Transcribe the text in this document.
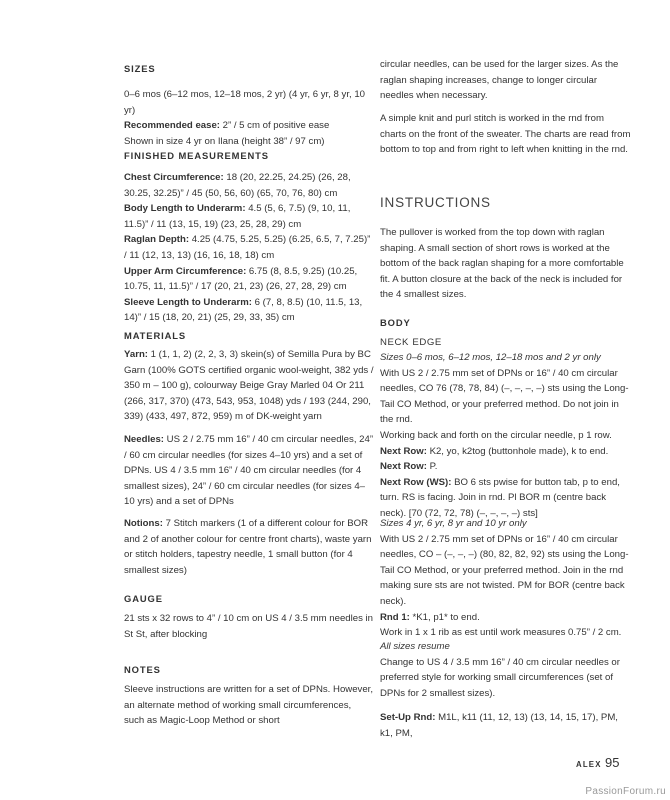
SIZES

0–6 mos (6–12 mos, 12–18 mos, 2 yr) (4 yr, 6 yr, 8 yr, 10 yr)

Recommended ease: 2” / 5 cm of positive ease

Shown in size 4 yr on Ilana (height 38” / 97 cm)

FINISHED MEASUREMENTS

Chest Circumference: 18 (20, 22.25, 24.25) (26, 28, 30.25, 32.25)” / 45 (50, 56, 60) (65, 70, 76, 80) cm

Body Length to Underarm: 4.5 (5, 6, 7.5) (9, 10, 11, 11.5)” / 11 (13, 15, 19) (23, 25, 28, 29) cm

Raglan Depth: 4.25 (4.75, 5.25, 5.25) (6.25, 6.5, 7, 7.25)” / 11 (12, 13, 13) (16, 16, 18, 18) cm

Upper Arm Circumference: 6.75 (8, 8.5, 9.25) (10.25, 10.75, 11, 11.5)” / 17 (20, 21, 23) (26, 27, 28, 29) cm

Sleeve Length to Underarm: 6 (7, 8, 8.5) (10, 11.5, 13, 14)” / 15 (18, 20, 21) (25, 29, 33, 35) cm

MATERIALS

Yarn: 1 (1, 1, 2) (2, 2, 3, 3) skein(s) of Semilla Pura by BC Garn (100% GOTS certified organic wool-weight, 382 yds / 350 m – 100 g), colourway Beige Gray Marled 04 Or 211 (266, 317, 370) (473, 543, 953, 1048) yds / 193 (244, 290, 339) (433, 497, 872, 959) m of DK-weight yarn

Needles: US 2 / 2.75 mm 16” / 40 cm circular needles, 24” / 60 cm circular needles (for sizes 4–10 yrs) and a set of DPNs. US 4 / 3.5 mm 16” / 40 cm circular needles (for 4 smallest sizes), 24” / 60 cm circular needles (for sizes 4–10 yrs) and a set of DPNs

Notions: 7 Stitch markers (1 of a different colour for BOR and 2 of another colour for centre front charts), waste yarn or stitch holders, tapestry needle, 1 small button (for 4 smallest sizes)

GAUGE

21 sts x 32 rows to 4” / 10 cm on US 4 / 3.5 mm needles in St St, after blocking

NOTES

Sleeve instructions are written for a set of DPNs. However, an alternate method of working small circumferences, such as Magic-Loop Method or short

circular needles, can be used for the larger sizes. As the raglan shaping increases, change to longer circular needles when necessary.

A simple knit and purl stitch is worked in the rnd from charts on the front of the sweater. The charts are read from bottom to top and from right to left when knitting in the rnd.

INSTRUCTIONS

The pullover is worked from the top down with raglan shaping. A small section of short rows is worked at the bottom of the back raglan shaping for a more comfortable fit. A button closure at the back of the neck is included for the 4 smallest sizes.

BODY
NECK EDGE

Sizes 0–6 mos, 6–12 mos, 12–18 mos and 2 yr only

With US 2 / 2.75 mm set of DPNs or 16” / 40 cm circular needles, CO 76 (78, 78, 84) (–, –, –, –) sts using the Long-Tail CO Method, or your preferred method. Do not join in the rnd.

Working back and forth on the circular needle, p 1 row.

Next Row: K2, yo, k2tog (buttonhole made), k to end.

Next Row: P.

Next Row (WS): BO 6 sts pwise for button tab, p to end, turn. RS is facing. Join in rnd. Pl BOR m (centre back neck). [70 (72, 72, 78) (–, –, –, –) sts]

Sizes 4 yr, 6 yr, 8 yr and 10 yr only

With US 2 / 2.75 mm set of DPNs or 16” / 40 cm circular needles, CO – (–, –, –) (80, 82, 82, 92) sts using the Long-Tail CO Method, or your preferred method. Join in the rnd making sure sts are not twisted. PM for BOR (centre back neck).

Rnd 1: *K1, p1* to end.

Work in 1 x 1 rib as est until work measures 0.75” / 2 cm.

All sizes resume

Change to US 4 / 3.5 mm 16” / 40 cm circular needles or preferred style for working small circumferences (set of DPNs for 2 smallest sizes).

Set-Up Rnd: M1L, k11 (11, 12, 13) (13, 14, 15, 17), PM, k1, PM,

ALEX 95
PassionForum.ru
